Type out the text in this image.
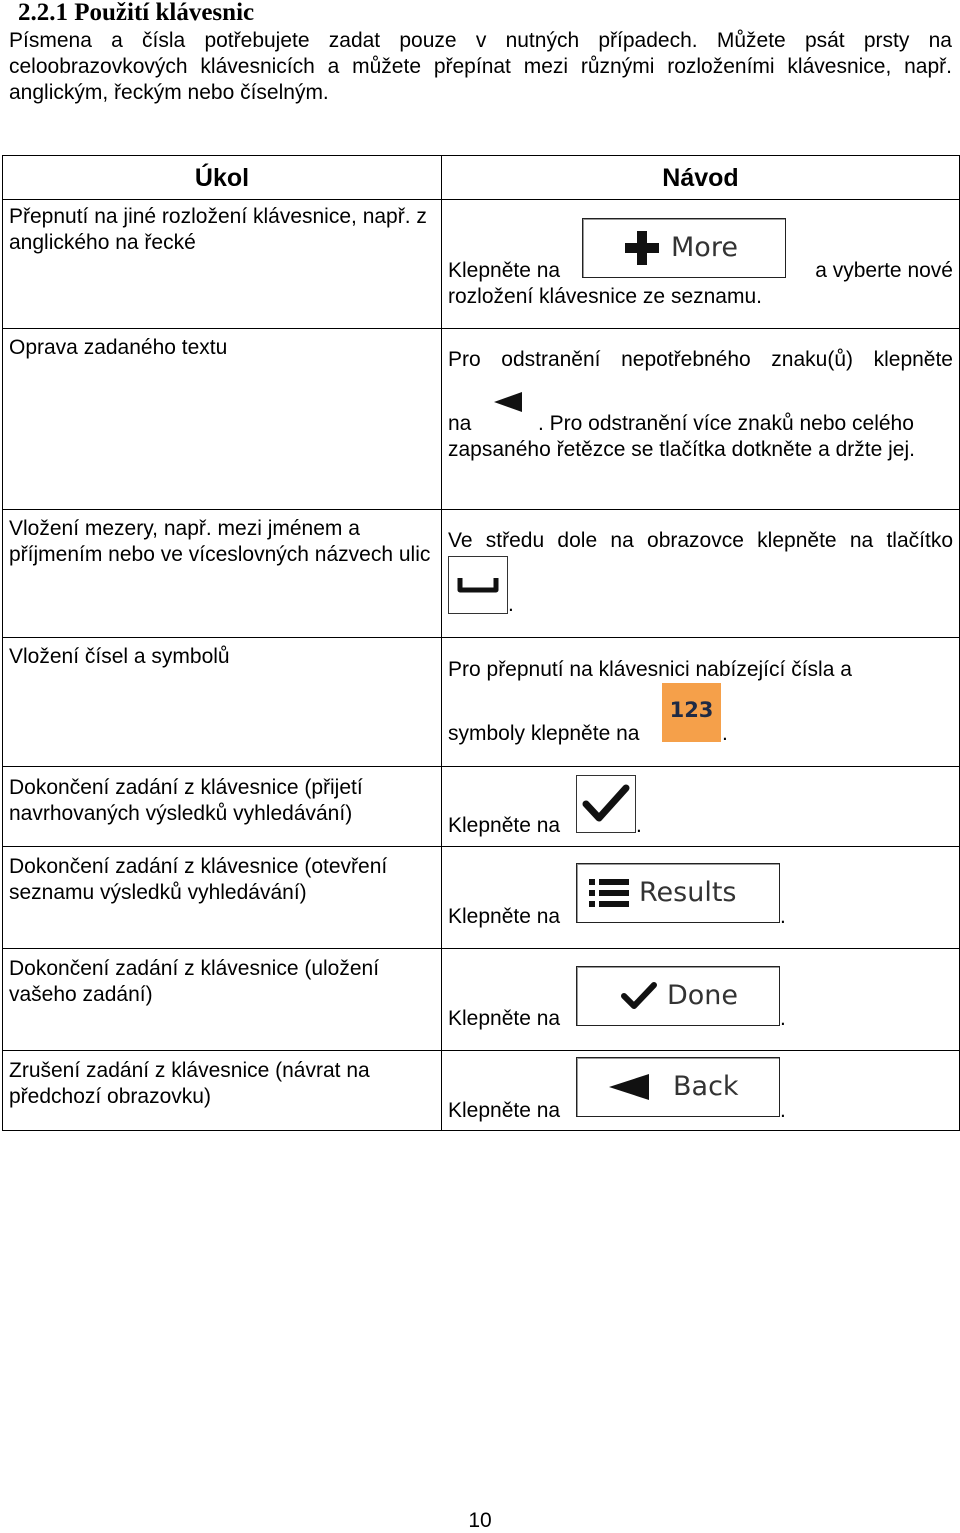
2.2.1 Použití klávesnic
Písmena a čísla potřebujete zadat pouze v nutných případech. Můžete psát prsty na celoobrazovkových klávesnicích a můžete přepínat mezi různými rozloženími klávesnice, např. anglickým, řeckým nebo číselným.
Úkol	Návod

Přepnutí na jiné rozložení klávesnice, např. z anglického na řecké	Klepněte na
More
a vyberte nové
rozložení klávesnice ze seznamu.

Oprava zadaného textu	Pro odstranění nepotřebného znaku(ů) klepněte
na . Pro odstranění více znaků nebo celého
zapsaného řetězce se tlačítka dotkněte a držte jej.

Vložení mezery, např. mezi jménem a příjmením nebo ve víceslovných názvech ulic	Ve středu dole na obrazovce klepněte na tlačítko
.

Vložení čísel a symbolů	Pro přepnutí na klávesnici nabízející čísla a
symboly klepněte na
123
.

Dokončení zadání z klávesnice (přijetí navrhovaných výsledků vyhledávání)	Klepněte na .

Dokončení zadání z klávesnice (otevření seznamu výsledků vyhledávání)	Klepněte na
Results
.

Dokončení zadání z klávesnice (uložení vašeho zadání)	Klepněte na
Done
.

Zrušení zadání z klávesnice (návrat na předchozí obrazovku)	Klepněte na
Back
.
10
